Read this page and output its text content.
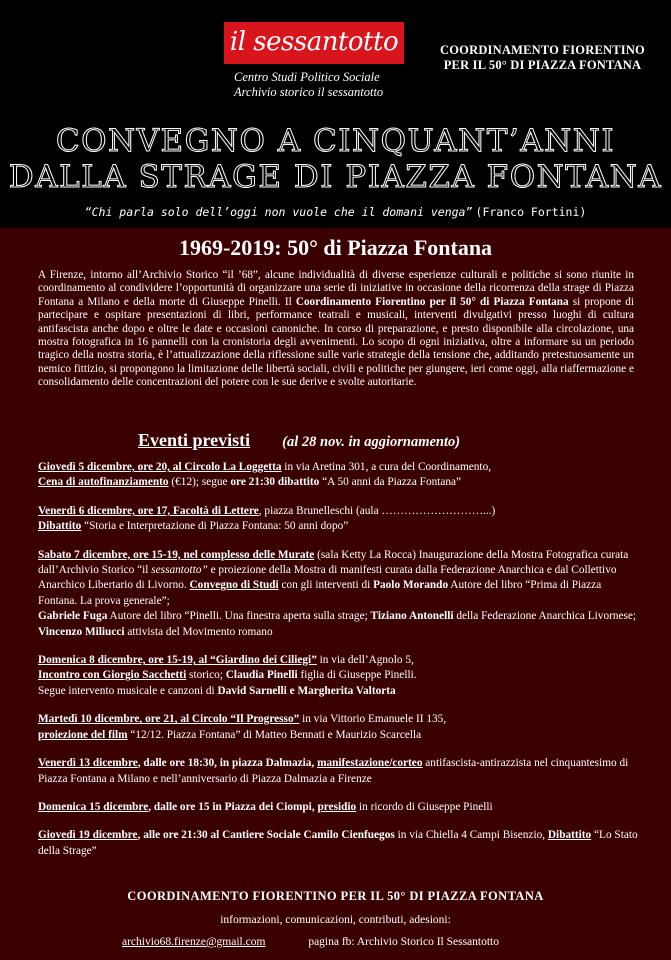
il sessantotto
Centro Studi Politico Sociale
Archivio storico il sessantotto
COORDINAMENTO FIORENTINO
PER IL 50° DI PIAZZA FONTANA
CONVEGNO A CINQUANT’ANNI
DALLA STRAGE DI PIAZZA FONTANA
“Chi parla solo dell’oggi non vuole che il domani venga” (Franco Fortini)
1969-2019: 50° di Piazza Fontana
A Firenze, intorno all’Archivio Storico “il ’68”, alcune individualità di diverse esperienze culturali e politiche si sono riunite in coordinamento al condividere l’opportunità di organizzare una serie di iniziative in occasione della ricorrenza della strage di Piazza Fontana a Milano e della morte di Giuseppe Pinelli. Il Coordinamento Fiorentino per il 50° di Piazza Fontana si propone di partecipare e ospitare presentazioni di libri, performance teatrali e musicali, interventi divulgativi presso luoghi di cultura antifascista anche dopo e oltre le date e occasioni canoniche. In corso di preparazione, e presto disponibile alla circolazione, una mostra fotografica in 16 pannelli con la cronistoria degli avvenimenti. Lo scopo di ogni iniziativa, oltre a informare su un periodo tragico della nostra storia, è l’attualizzazione della riflessione sulle varie strategie della tensione che, additando pretestuosamente un nemico fittizio, si propongono la limitazione delle libertà sociali, civili e politiche per giungere, ieri come oggi, alla riaffermazione e consolidamento delle concentrazioni del potere con le sue derive e svolte autoritarie.
Eventi previsti (al 28 nov. in aggiornamento)

Giovedì 5 dicembre, ore 20, al Circolo La Loggetta in via Aretina 301, a cura del Coordinamento,

Cena di autofinanziamento (€12); segue ore 21:30 dibattito “A 50 anni da Piazza Fontana”

Venerdì 6 dicembre, ore 17, Facoltà di Lettere, piazza Brunelleschi (aula ………………………...)

Dibattito “Storia e Interpretazione di Piazza Fontana: 50 anni dopo”

Sabato 7 dicembre, ore 15-19, nel complesso delle Murate (sala Ketty La Rocca) Inaugurazione della Mostra Fotografica curata dall’Archivio Storico “il sessantotto” e proiezione della Mostra di manifesti curata dalla Federazione Anarchica e dal Collettivo Anarchico Libertario di Livorno. Convegno di Studi con gli interventi di Paolo Morando Autore del libro “Prima di Piazza Fontana. La prova generale”;
Gabriele Fuga Autore del libro “Pinelli. Una finestra aperta sulla strage; Tiziano Antonelli della Federazione Anarchica Livornese; Vincenzo Miliucci attivista del Movimento romano

Domenica 8 dicembre, ore 15-19, al “Giardino dei Ciliegi” in via dell’Agnolo 5,

Incontro con Giorgio Sacchetti storico; Claudia Pinelli figlia di Giuseppe Pinelli.

Segue intervento musicale e canzoni di David Sarnelli e Margherita Valtorta

Martedì 10 dicembre, ore 21, al Circolo “Il Progresso” in via Vittorio Emanuele II 135,

proiezione del film “12/12. Piazza Fontana” di Matteo Bennati e Maurizio Scarcella

Venerdì 13 dicembre, dalle ore 18:30, in piazza Dalmazia, manifestazione/corteo antifascista-antirazzista nel cinquantesimo di Piazza Fontana a Milano e nell’anniversario di Piazza Dalmazia a Firenze

Domenica 15 dicembre, dalle ore 15 in Piazza dei Ciompi, presidio in ricordo di Giuseppe Pinelli

Giovedì 19 dicembre, alle ore 21:30 al Cantiere Sociale Camilo Cienfuegos in via Chiella 4 Campi Bisenzio, Dibattito “Lo Stato della Strage”

COORDINAMENTO FIORENTINO PER IL 50° DI PIAZZA FONTANA
informazioni, comunicazioni, contributi, adesioni:
archivio68.firenze@gmail.com	pagina fb: Archivio Storico Il Sessantotto
